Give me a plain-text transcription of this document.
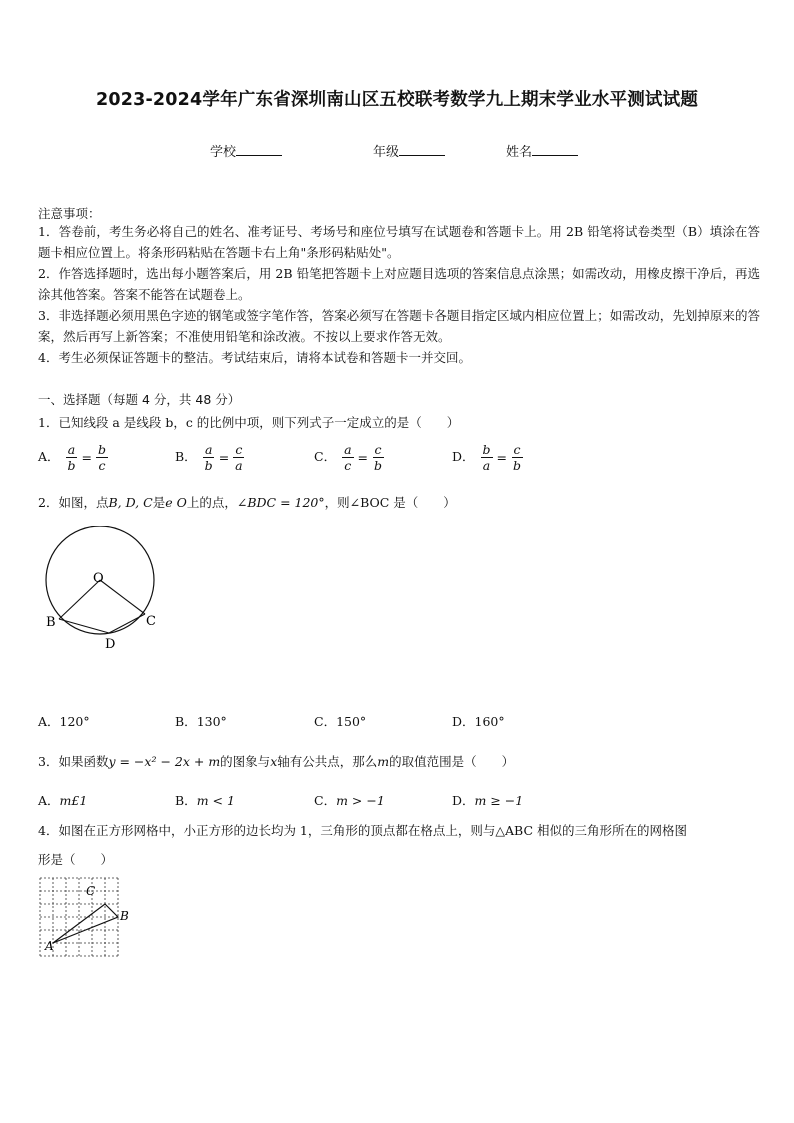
2023-2024学年广东省深圳南山区五校联考数学九上期末学业水平测试试题
学校	年级	姓名
注意事项：
1．答卷前，考生务必将自己的姓名、准考证号、考场号和座位号填写在试题卷和答题卡上。用 2B 铅笔将试卷类型（B）填涂在答题卡相应位置上。将条形码粘贴在答题卡右上角"条形码粘贴处"。
2．作答选择题时，选出每小题答案后，用 2B 铅笔把答题卡上对应题目选项的答案信息点涂黑；如需改动，用橡皮擦干净后，再选涂其他答案。答案不能答在试题卷上。
3．非选择题必须用黑色字迹的钢笔或签字笔作答，答案必须写在答题卡各题目指定区域内相应位置上；如需改动，先划掉原来的答案，然后再写上新答案；不准使用铅笔和涂改液。不按以上要求作答无效。
4．考生必须保证答题卡的整洁。考试结束后，请将本试卷和答题卡一并交回。
一、选择题（每题 4 分，共 48 分）
1．已知线段 a 是线段 b，c 的比例中项，则下列式子一定成立的是（　　）
A． $\frac{a}{b} = \frac{b}{c}$	B． $\frac{a}{b} = \frac{c}{a}$	C． $\frac{a}{c} = \frac{c}{b}$	D． $\frac{b}{a} = \frac{c}{b}$
2．如图，点B, D, C是e O上的点，∠BDC = 120°，则∠BOC 是（　　）
O
B	C
D
A．120°	B．130°	C．150°	D．160°
3．如果函数y = −x² − 2x + m的图象与x轴有公共点，那么m的取值范围是（　　）
A．m£1	B．m < 1	C．m > −1	D．m ≥ −1
4．如图在正方形网格中，小正方形的边长均为 1，三角形的顶点都在格点上，则与△ABC 相似的三角形所在的网格图
形是（　　）
A
B
C
